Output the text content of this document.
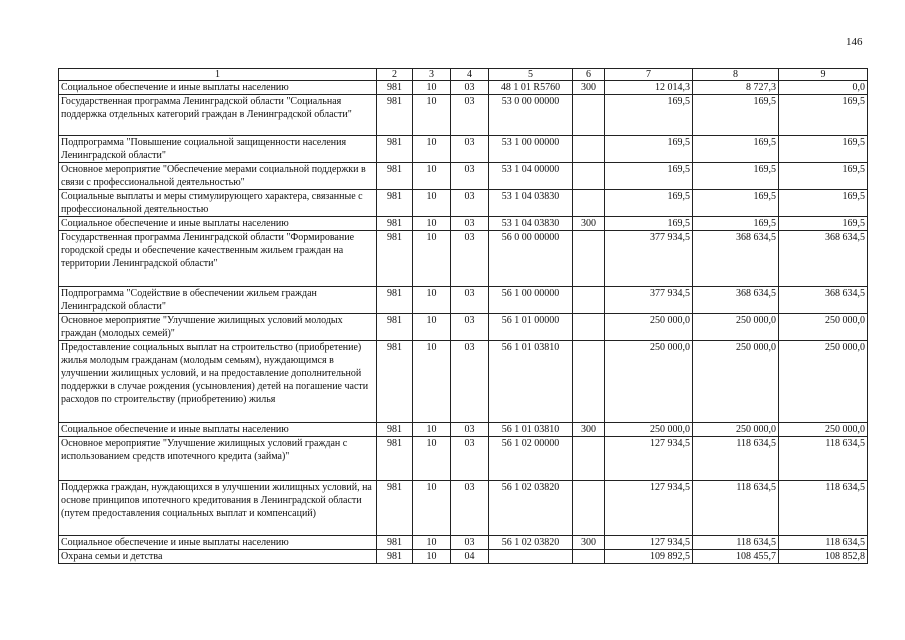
146
1	2	3	4	5	6	7	8	9
Социальное обеспечение и иные выплаты населению	981	10	03	48 1 01 R5760	300	12 014,3	8 727,3	0,0
Государственная программа Ленинградской области "Социальная поддержка отдельных категорий граждан в Ленинградской области"	981	10	03	53 0 00 00000		169,5	169,5	169,5
Подпрограмма "Повышение социальной защищенности населения Ленинградской области"	981	10	03	53 1 00 00000		169,5	169,5	169,5
Основное мероприятие "Обеспечение мерами социальной поддержки в связи с профессиональной деятельностью"	981	10	03	53 1 04 00000		169,5	169,5	169,5
Социальные выплаты и меры стимулирующего характера, связанные с профессиональной деятельностью	981	10	03	53 1 04 03830		169,5	169,5	169,5
Социальное обеспечение и иные выплаты населению	981	10	03	53 1 04 03830	300	169,5	169,5	169,5
Государственная программа Ленинградской области "Формирование городской среды и обеспечение качественным жильем граждан на территории Ленинградской области"	981	10	03	56 0 00 00000		377 934,5	368 634,5	368 634,5
Подпрограмма "Содействие в обеспечении жильем граждан Ленинградской области"	981	10	03	56 1 00 00000		377 934,5	368 634,5	368 634,5
Основное мероприятие "Улучшение жилищных условий молодых граждан (молодых семей)"	981	10	03	56 1 01 00000		250 000,0	250 000,0	250 000,0
Предоставление социальных выплат на строительство (приобретение) жилья молодым гражданам (молодым семьям), нуждающимся в улучшении жилищных условий, и на предоставление дополнительной поддержки в случае рождения (усыновления) детей на погашение части расходов по строительству (приобретению) жилья	981	10	03	56 1 01 03810		250 000,0	250 000,0	250 000,0
Социальное обеспечение и иные выплаты населению	981	10	03	56 1 01 03810	300	250 000,0	250 000,0	250 000,0
Основное мероприятие "Улучшение жилищных условий граждан с использованием средств ипотечного кредита (займа)"	981	10	03	56 1 02 00000		127 934,5	118 634,5	118 634,5
Поддержка граждан, нуждающихся в улучшении жилищных условий, на основе принципов ипотечного кредитования в Ленинградской области (путем предоставления социальных выплат и компенсаций)	981	10	03	56 1 02 03820		127 934,5	118 634,5	118 634,5
Социальное обеспечение и иные выплаты населению	981	10	03	56 1 02 03820	300	127 934,5	118 634,5	118 634,5
Охрана семьи и детства	981	10	04			109 892,5	108 455,7	108 852,8
